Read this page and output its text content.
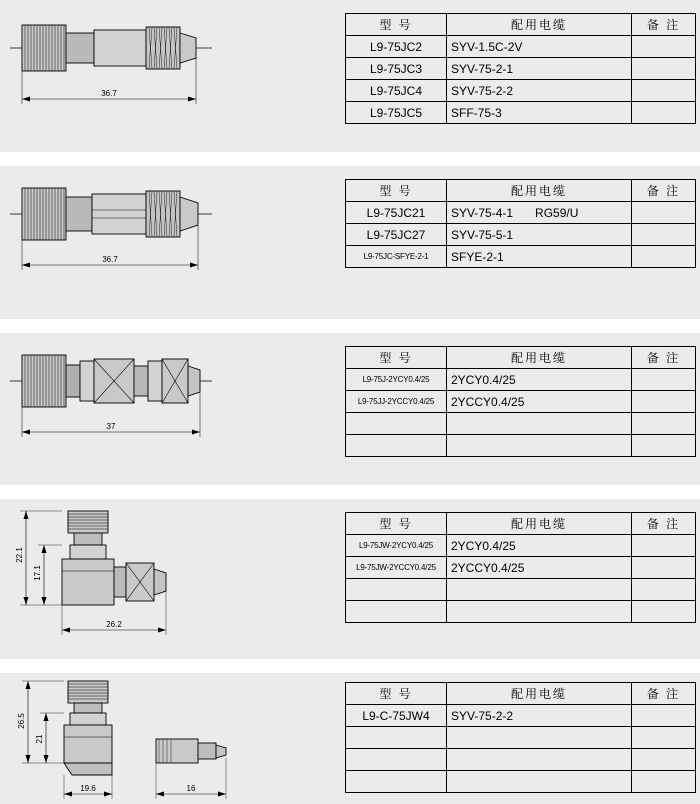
36.7
型 号	配用电缆	备 注
L9-75JC2	SYV-1.5C-2V	
L9-75JC3	SYV-75-2-1	
L9-75JC4	SYV-75-2-2	
L9-75JC5	SFF-75-3	
36.7
型 号	配用电缆	备 注
L9-75JC21	SYV-75-4-1 RG59/U	
L9-75JC27	SYV-75-5-1	
L9-75JC-SFYE-2-1	SFYE-2-1	
37
型 号	配用电缆	备 注
L9-75J-2YCY0.4/25	2YCY0.4/25	
L9-75JJ-2YCCY0.4/25	2YCCY0.4/25	

22.1
17.1
26.2
型 号	配用电缆	备 注
L9-75JW-2YCY0.4/25	2YCY0.4/25	
L9-75JW-2YCCY0.4/25	2YCCY0.4/25	

26.5
21
19.6	16
型 号	配用电缆	备 注
L9-C-75JW4	SYV-75-2-2	
